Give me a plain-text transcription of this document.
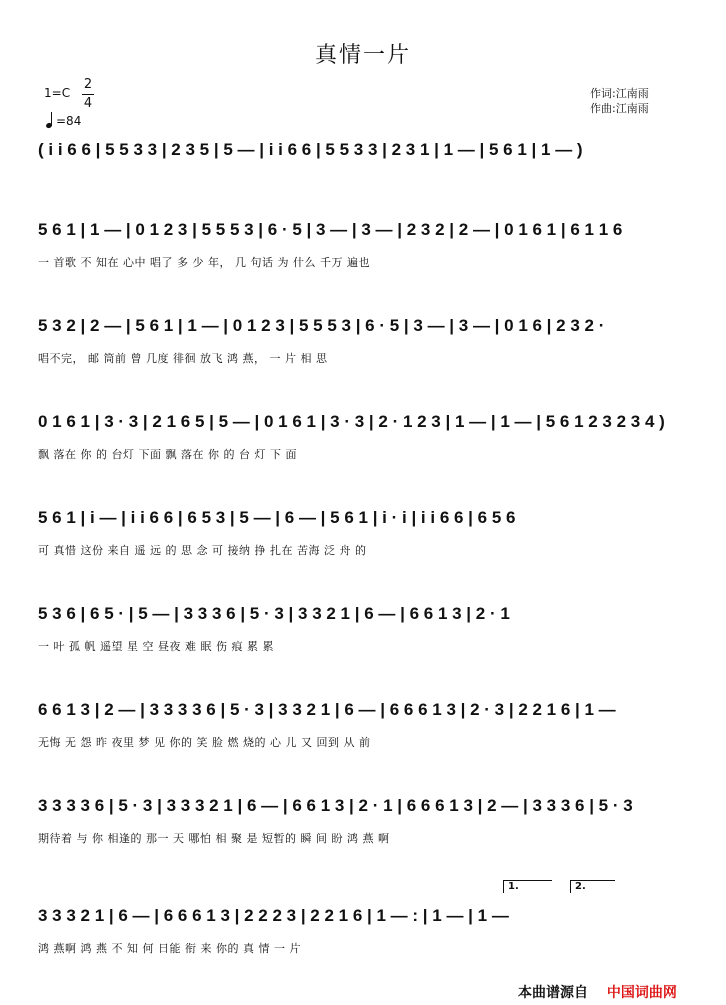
真情一片
$1=C \frac{2}{4}$
=84
作词:江南雨
作曲:江南雨
( i i 6 6 | 5 5 3 3 | 2 3 5 | 5 — | i i 6 6 | 5 5 3 3 | 2 3 1 | 1 — | 5 6 1 | 1 — )
5 6 1 | 1 — | 0 1 2 3 | 5 5 5 3 | 6 · 5 | 3 — | 3 — | 2 3 2 | 2 — | 0 1 6 1 | 6 1 1 6
一 首歌 不 知在 心中 唱了 多 少 年， 几 句话 为 什么 千万 遍也
5 3 2 | 2 — | 5 6 1 | 1 — | 0 1 2 3 | 5 5 5 3 | 6 · 5 | 3 — | 3 — | 0 1 6 | 2 3 2 ·
唱不完， 邮 筒前 曾 几度 徘徊 放飞 鸿 燕， 一 片 相 思
0 1 6 1 | 3 · 3 | 2 1 6 5 | 5 — | 0 1 6 1 | 3 · 3 | 2 · 1 2 3 | 1 — | 1 — | 5 6 1 2 3 2 3 4 )
飘 落在 你 的 台灯 下面 飘 落在 你 的 台 灯 下 面
5 6 1 | i — | i i 6 6 | 6 5 3 | 5 — | 6 — | 5 6 1 | i · i | i i 6 6 | 6 5 6
可 真惜 这份 来自 遥 远 的 思 念 可 接纳 挣 扎在 苦海 泛 舟 的
5 3 6 | 6 5 · | 5 — | 3 3 3 6 | 5 · 3 | 3 3 2 1 | 6 — | 6 6 1 3 | 2 · 1
一 叶 孤 帆 遥望 星 空 昼夜 难 眠 伤 痕 累 累
6 6 1 3 | 2 — | 3 3 3 3 6 | 5 · 3 | 3 3 2 1 | 6 — | 6 6 6 1 3 | 2 · 3 | 2 2 1 6 | 1 —
无悔 无 怨 昨 夜里 梦 见 你的 笑 脸 燃 烧的 心 儿 又 回到 从 前
3 3 3 3 6 | 5 · 3 | 3 3 3 2 1 | 6 — | 6 6 1 3 | 2 · 1 | 6 6 6 1 3 | 2 — | 3 3 3 6 | 5 · 3
期待着 与 你 相逢的 那一 天 哪怕 相 聚 是 短暂的 瞬 间 盼 鸿 燕 啊
3 3 3 2 1 | 6 — | 6 6 6 1 3 | 2 2 2 3 | 2 2 1 6 | 1 — : | 1 — | 1 —
鸿 燕啊 鸿 燕 不 知 何 日能 衔 来 你的 真 情 一 片
1.	2.
本曲谱源自 中国词曲网
